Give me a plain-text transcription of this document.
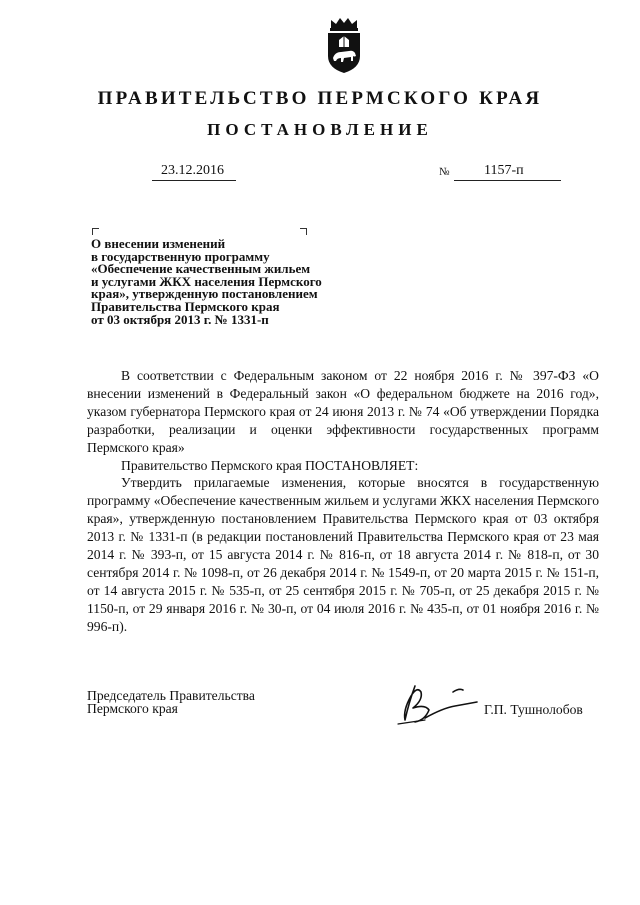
ПРАВИТЕЛЬСТВО ПЕРМСКОГО КРАЯ
ПОСТАНОВЛЕНИЕ
23.12.2016	№ 1157-п
О внесении изменений
в государственную программу
«Обеспечение качественным жильем
и услугами ЖКХ населения Пермского
края», утвержденную постановлением
Правительства Пермского края
от 03 октября 2013 г. № 1331-п

В соответствии с Федеральным законом от 22 ноября 2016 г. № 397-ФЗ «О внесении изменений в Федеральный закон «О федеральном бюджете на 2016 год», указом губернатора Пермского края от 24 июня 2013 г. № 74 «Об утверждении Порядка разработки, реализации и оценки эффективности государственных программ Пермского края»

Правительство Пермского края ПОСТАНОВЛЯЕТ:

Утвердить прилагаемые изменения, которые вносятся в государственную программу «Обеспечение качественным жильем и услугами ЖКХ населения Пермского края», утвержденную постановлением Правительства Пермского края от 03 октября 2013 г. № 1331-п (в редакции постановлений Правительства Пермского края от 23 мая 2014 г. № 393-п, от 15 августа 2014 г. № 816-п, от 18 августа 2014 г. № 818-п, от 30 сентября 2014 г. № 1098-п, от 26 декабря 2014 г. № 1549-п, от 20 марта 2015 г. № 151-п, от 14 августа 2015 г. № 535-п, от 25 сентября 2015 г. № 705-п, от 25 декабря 2015 г. № 1150-п, от 29 января 2016 г. № 30-п, от 04 июля 2016 г. № 435-п, от 01 ноября 2016 г. № 996-п).

Председатель Правительства
Пермского края	Г.П. Тушнолобов
